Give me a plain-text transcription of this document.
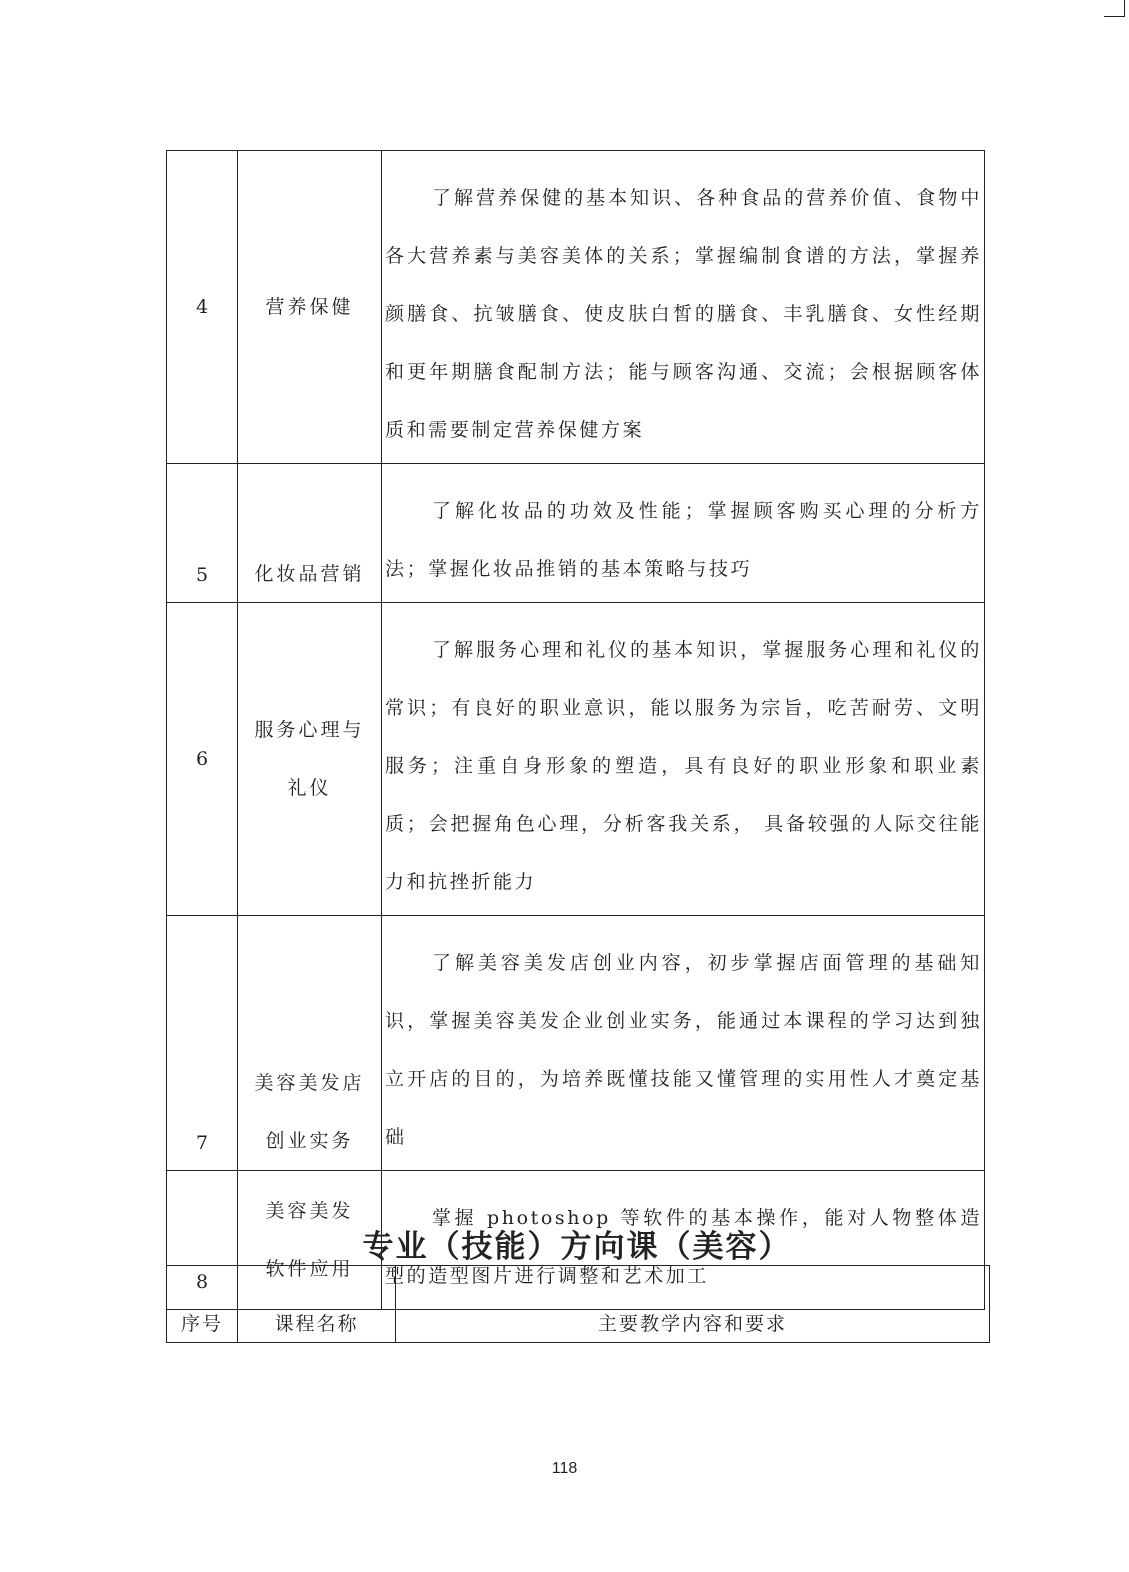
4	营养保健	了解营养保健的基本知识、各种食品的营养价值、食物中各大营养素与美容美体的关系；掌握编制食谱的方法，掌握养颜膳食、抗皱膳食、使皮肤白皙的膳食、丰乳膳食、女性经期和更年期膳食配制方法；能与顾客沟通、交流；会根据顾客体质和需要制定营养保健方案
5	化妆品营销	了解化妆品的功效及性能；掌握顾客购买心理的分析方法；掌握化妆品推销的基本策略与技巧
6	服务心理与礼仪	了解服务心理和礼仪的基本知识，掌握服务心理和礼仪的常识；有良好的职业意识，能以服务为宗旨，吃苦耐劳、文明服务；注重自身形象的塑造，具有良好的职业形象和职业素质；会把握角色心理，分析客我关系， 具备较强的人际交往能力和抗挫折能力
7	美容美发店创业实务	了解美容美发店创业内容，初步掌握店面管理的基础知识，掌握美容美发企业创业实务，能通过本课程的学习达到独立开店的目的，为培养既懂技能又懂管理的实用性人才奠定基础
8	美容美发软件应用	掌握 photoshop 等软件的基本操作，能对人物整体造型的造型图片进行调整和艺术加工
专业（技能）方向课（美容）
序号	课程名称	主要教学内容和要求
118
